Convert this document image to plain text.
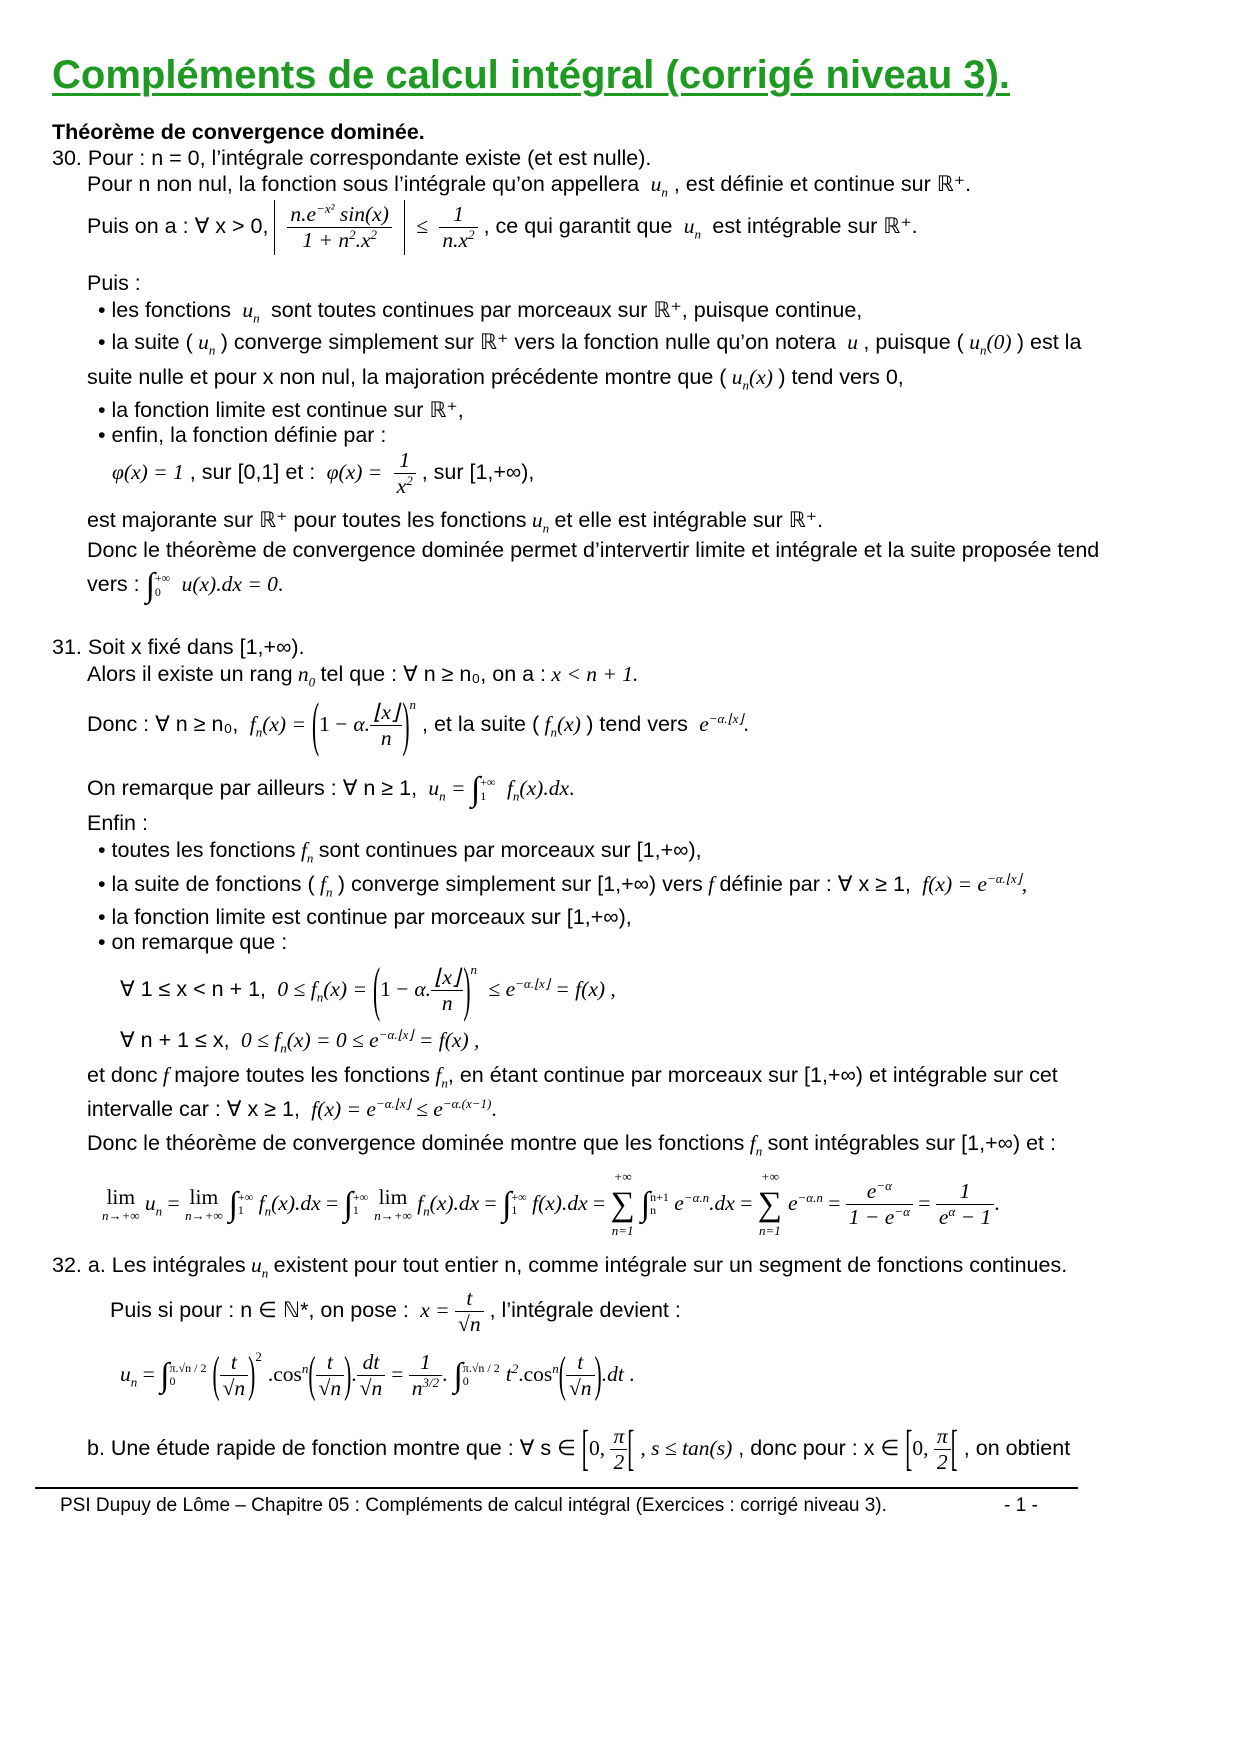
Compléments de calcul intégral (corrigé niveau 3).
Théorème de convergence dominée.
30. Pour : n = 0, l’intégrale correspondante existe (et est nulle).
Pour n non nul, la fonction sous l’intégrale qu’on appellera  $u_n$ , est définie et continue sur ℝ⁺.
Puis on a : ∀ x > 0, $\frac{n.e^{-x^2} \sin(x)}{1 + n^2.x^2} \le \frac{1}{n.x^2}$ , ce qui garantit que  $u_n$ est intégrable sur ℝ⁺.
Puis :
• les fonctions  $u_n$ sont toutes continues par morceaux sur ℝ⁺, puisque continue,
• la suite ( $u_n$ ) converge simplement sur ℝ⁺ vers la fonction nulle qu’on notera  u , puisque ( $u_n(0)$ ) est la
suite nulle et pour x non nul, la majoration précédente montre que ( $u_n(x)$ ) tend vers 0,
• la fonction limite est continue sur ℝ⁺,
• enfin, la fonction définie par :
φ(x) = 1 , sur [0,1] et :  $\varphi(x) = \frac{1}{x^2}$ , sur [1,+∞),
est majorante sur ℝ⁺ pour toutes les fonctions $u_n$ et elle est intégrable sur ℝ⁺.
Donc le théorème de convergence dominée permet d’intervertir limite et intégrale et la suite proposée tend
vers : ∫ +∞
0 u(x).dx = 0.
31. Soit x fixé dans [1,+∞).
Alors il existe un rang $n_0$ tel que : ∀ n ≥ n₀, on a : x < n + 1.
Donc : ∀ n ≥ n₀,  $f_n(x) = (1 - \alpha$. $\frac{⌊x⌋}{n} )^n$ , et la suite ( $f_n(x)$ ) tend vers  $e^{-\alpha.⌊x⌋}$.
On remarque par ailleurs : ∀ n ≥ 1,  $u_n$ = ∫ +∞
1 $f_n(x).dx$.
Enfin :
• toutes les fonctions $f_n$ sont continues par morceaux sur [1,+∞),
• la suite de fonctions ( $f_n$ ) converge simplement sur [1,+∞) vers f définie par : ∀ x ≥ 1,  $f(x) = e^{-\alpha.⌊x⌋}$,
• la fonction limite est continue par morceaux sur [1,+∞),
• on remarque que :
∀ 1 ≤ x < n + 1, $0 \le f_n(x) = (1 - \alpha$. $\frac{⌊x⌋}{n} )^n \le e^{-\alpha.⌊x⌋} = f(x)$ ,
∀ n + 1 ≤ x, $0 \le f_n(x) = 0 \le e^{-\alpha.⌊x⌋} = f(x)$ ,
et donc f majore toutes les fonctions $f_n$, en étant continue par morceaux sur [1,+∞) et intégrable sur cet
intervalle car : ∀ x ≥ 1,  $f(x) = e^{-\alpha.⌊x⌋} \le e^{-\alpha.(x-1)}$.
Donc le théorème de convergence dominée montre que les fonctions $f_n$ sont intégrables sur [1,+∞) et :
lim
n→+∞
$u_n = \lim$
n→+∞ ∫ +∞
1 $f_n(x).dx$ = ∫ +∞
1
lim
n→+∞
$f_n(x).dx$ = ∫ +∞
1 f(x).dx =
+∞
∑
n=1
∫ n+1
n $e^{-\alpha.n}.dx$ =
+∞
∑
n=1
$e^{-\alpha.n} = \frac{e^{-\alpha}}{1 - e^{-\alpha}} = \frac{1}{e^\alpha - 1}$ .
32. a. Les intégrales $u_n$ existent pour tout entier n, comme intégrale sur un segment de fonctions continues.
Puis si pour : n ∈ ℕ*, on pose :  $x = \frac{t}{√n}$ , l’intégrale devient :
$u_n$ = ∫ π.√n / 2
0	( $\frac{t}{√n} )^2$ $.\cos^n( \frac{t}{√n}$ ). $\frac{dt}{√n} = \frac{1}{n^{3/2}}$ . ∫ π.√n / 2
0	$t^2.\cos^n( \frac{t}{√n} ).dt$ .
b. Une étude rapide de fonction montre que : ∀ s ∈ [0, $\frac{\pi}{2}$ [ , s ≤ tan(s) , donc pour : x ∈ [0, $\frac{\pi}{2}$ [ , on obtient
PSI Dupuy de Lôme – Chapitre 05 : Compléments de calcul intégral (Exercices : corrigé niveau 3).	- 1 -
